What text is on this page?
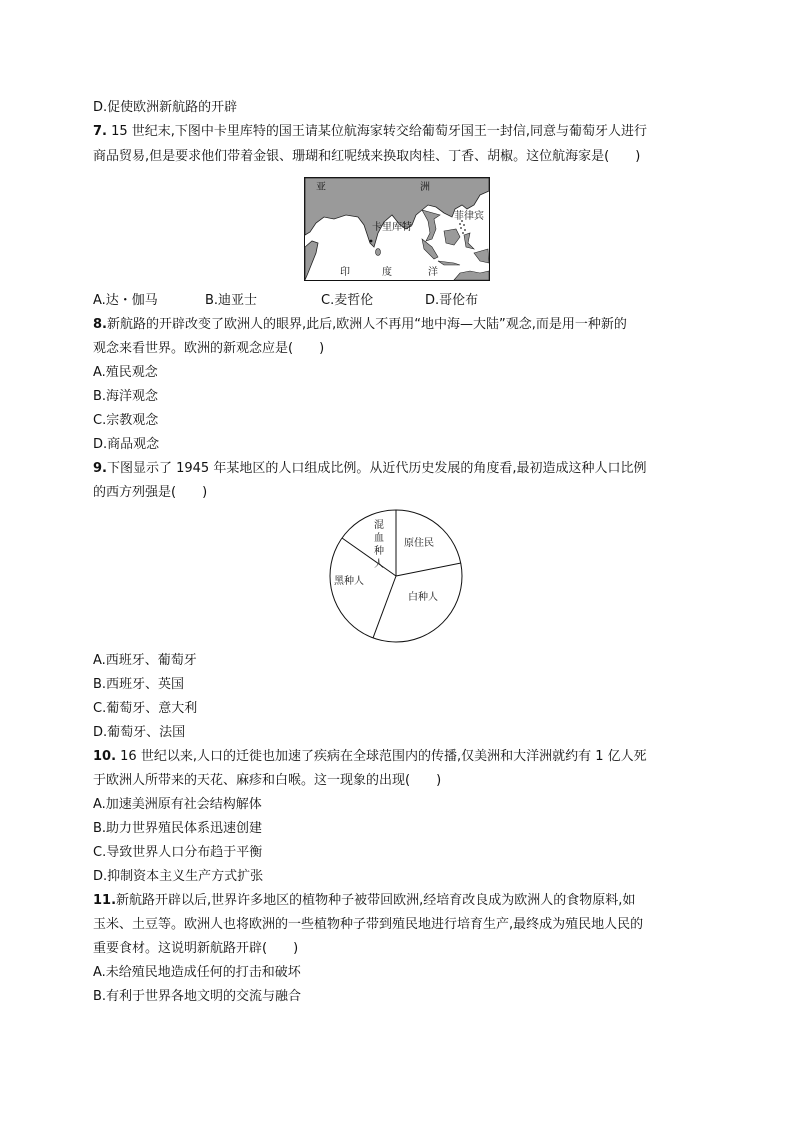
D.促使欧洲新航路的开辟
7. 15 世纪末,下图中卡里库特的国王请某位航海家转交给葡萄牙国王一封信,同意与葡萄牙人进行
商品贸易,但是要求他们带着金银、珊瑚和红呢绒来换取肉桂、丁香、胡椒。这位航海家是(　　)
亚	洲
菲律宾
卡里库特
印	度	洋
A.达・伽马	B.迪亚士	C.麦哲伦	D.哥伦布
8.新航路的开辟改变了欧洲人的眼界,此后,欧洲人不再用“地中海—大陆”观念,而是用一种新的
观念来看世界。欧洲的新观念应是(　　)
A.殖民观念
B.海洋观念
C.宗教观念
D.商品观念
9.下图显示了 1945 年某地区的人口组成比例。从近代历史发展的角度看,最初造成这种人口比例
的西方列强是(　　)
混
血
种
人
原住民
白种人
黑种人
A.西班牙、葡萄牙
B.西班牙、英国
C.葡萄牙、意大利
D.葡萄牙、法国
10. 16 世纪以来,人口的迁徙也加速了疾病在全球范围内的传播,仅美洲和大洋洲就约有 1 亿人死
于欧洲人所带来的天花、麻疹和白喉。这一现象的出现(　　)
A.加速美洲原有社会结构解体
B.助力世界殖民体系迅速创建
C.导致世界人口分布趋于平衡
D.抑制资本主义生产方式扩张
11.新航路开辟以后,世界许多地区的植物种子被带回欧洲,经培育改良成为欧洲人的食物原料,如
玉米、土豆等。欧洲人也将欧洲的一些植物种子带到殖民地进行培育生产,最终成为殖民地人民的
重要食材。这说明新航路开辟(　　)
A.未给殖民地造成任何的打击和破坏
B.有利于世界各地文明的交流与融合
